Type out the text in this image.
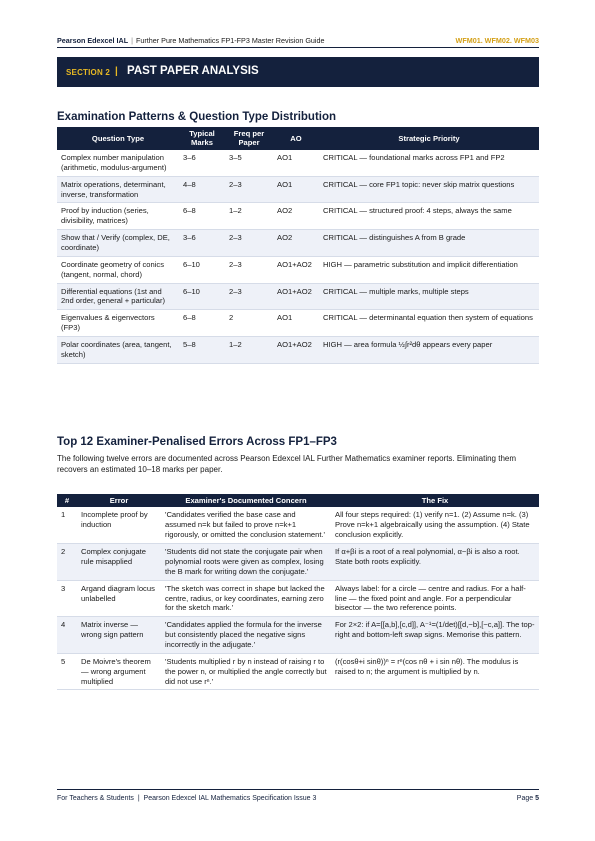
Pearson Edexcel IAL | Further Pure Mathematics FP1-FP3 Master Revision Guide	WFM01. WFM02. WFM03
SECTION 2 | PAST PAPER ANALYSIS
Examination Patterns & Question Type Distribution
Question Type	Typical Marks	Freq per Paper	AO	Strategic Priority
Complex number manipulation (arithmetic, modulus-argument)	3–6	3–5	AO1	CRITICAL — foundational marks across FP1 and FP2
Matrix operations, determinant, inverse, transformation	4–8	2–3	AO1	CRITICAL — core FP1 topic: never skip matrix questions
Proof by induction (series, divisibility, matrices)	6–8	1–2	AO2	CRITICAL — structured proof: 4 steps, always the same
Show that / Verify (complex, DE, coordinate)	3–6	2–3	AO2	CRITICAL — distinguishes A from B grade
Coordinate geometry of conics (tangent, normal, chord)	6–10	2–3	AO1+AO2	HIGH — parametric substitution and implicit differentiation
Differential equations (1st and 2nd order, general + particular)	6–10	2–3	AO1+AO2	CRITICAL — multiple marks, multiple steps
Eigenvalues & eigenvectors (FP3)	6–8	2	AO1	CRITICAL — determinantal equation then system of equations
Polar coordinates (area, tangent, sketch)	5–8	1–2	AO1+AO2	HIGH — area formula ½∫r²dθ appears every paper
Top 12 Examiner-Penalised Errors Across FP1–FP3
The following twelve errors are documented across Pearson Edexcel IAL Further Mathematics examiner reports. Eliminating them recovers an estimated 10–18 marks per paper.
#	Error	Examiner's Documented Concern	The Fix
1	Incomplete proof by induction	'Candidates verified the base case and assumed n=k but failed to prove n=k+1 rigorously, or omitted the conclusion statement.'	All four steps required: (1) verify n=1. (2) Assume n=k. (3) Prove n=k+1 algebraically using the assumption. (4) State conclusion explicitly.
2	Complex conjugate rule misapplied	'Students did not state the conjugate pair when polynomial roots were given as complex, losing the B mark for writing down the conjugate.'	If α+βi is a root of a real polynomial, α−βi is also a root. State both roots explicitly.
3	Argand diagram locus unlabelled	'The sketch was correct in shape but lacked the centre, radius, or key coordinates, earning zero for the sketch mark.'	Always label: for a circle — centre and radius. For a half-line — the fixed point and angle. For a perpendicular bisector — the two reference points.
4	Matrix inverse — wrong sign pattern	'Candidates applied the formula for the inverse but consistently placed the negative signs incorrectly in the adjugate.'	For 2×2: if A=[[a,b],[c,d]], A⁻¹=(1/det)[[d,−b],[−c,a]]. The top-right and bottom-left swap signs. Memorise this pattern.
5	De Moivre's theorem — wrong argument multiplied	'Students multiplied r by n instead of raising r to the power n, or multiplied the angle correctly but did not use rⁿ.'	(r(cosθ+i sinθ))ⁿ = rⁿ(cos nθ + i sin nθ). The modulus is raised to n; the argument is multiplied by n.
For Teachers & Students | Pearson Edexcel IAL Mathematics Specification Issue 3	Page 5
